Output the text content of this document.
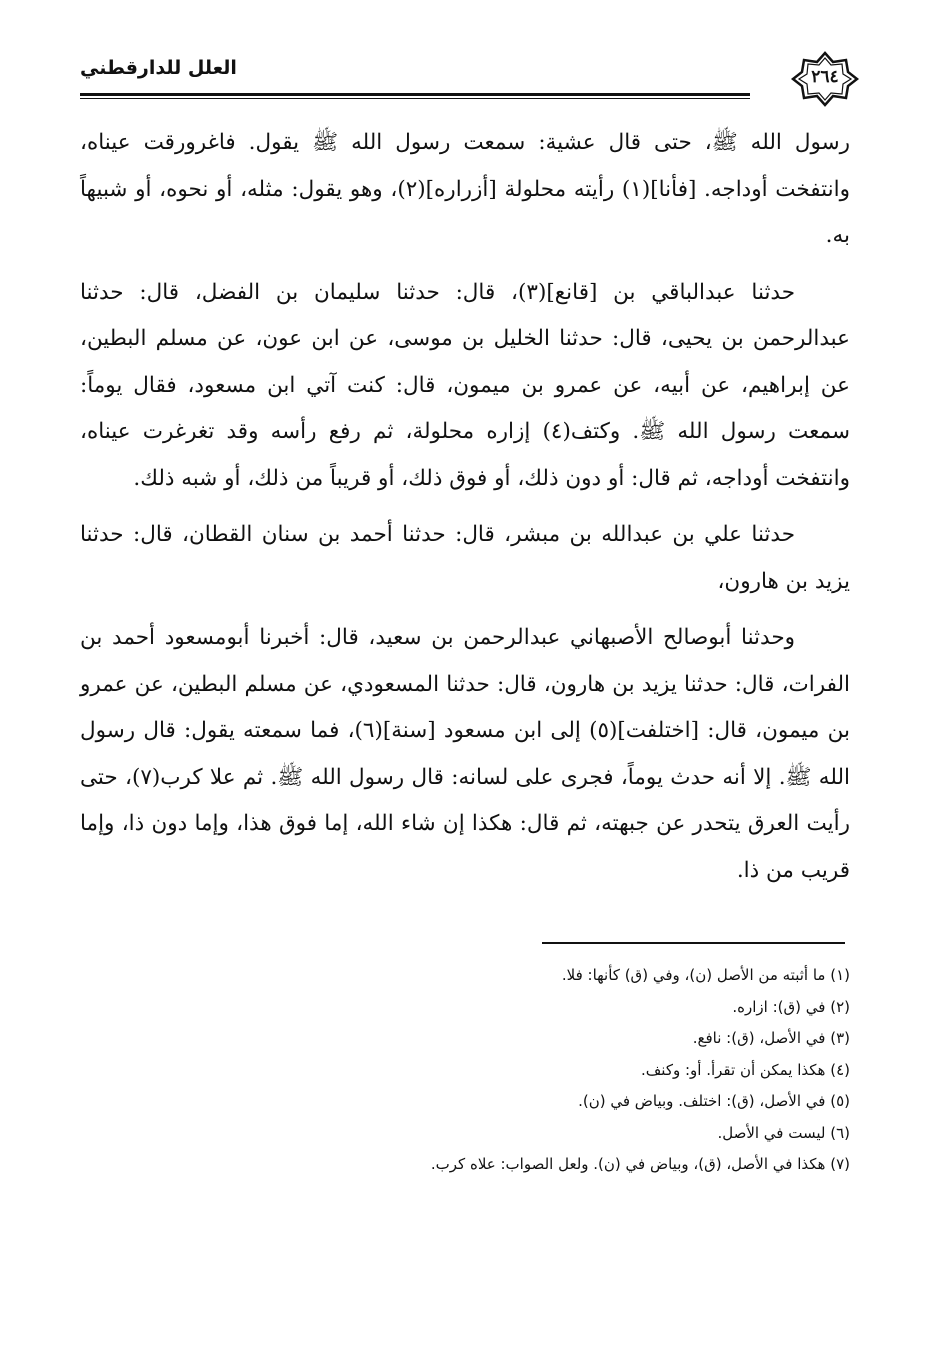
العلل للدارقطني	٢٦٤

رسول الله ﷺ، حتى قال عشية: سمعت رسول الله ﷺ يقول. فاغرورقت عيناه، وانتفخت أوداجه. [فأنا](١) رأيته محلولة [أزراره](٢)، وهو يقول: مثله، أو نحوه، أو شبيهاً به.

حدثنا عبدالباقي بن [قانع](٣)، قال: حدثنا سليمان بن الفضل، قال: حدثنا عبدالرحمن بن يحيى، قال: حدثنا الخليل بن موسى، عن ابن عون، عن مسلم البطين، عن إبراهيم، عن أبيه، عن عمرو بن ميمون، قال: كنت آتي ابن مسعود، فقال يوماً: سمعت رسول الله ﷺ. وكتف(٤) إزاره محلولة، ثم رفع رأسه وقد تغرغرت عيناه، وانتفخت أوداجه، ثم قال: أو دون ذلك، أو فوق ذلك، أو قريباً من ذلك، أو شبه ذلك.

حدثنا علي بن عبدالله بن مبشر، قال: حدثنا أحمد بن سنان القطان، قال: حدثنا يزيد بن هارون،

وحدثنا أبوصالح الأصبهاني عبدالرحمن بن سعيد، قال: أخبرنا أبومسعود أحمد بن الفرات، قال: حدثنا يزيد بن هارون، قال: حدثنا المسعودي، عن مسلم البطين، عن عمرو بن ميمون، قال: [اختلفت](٥) إلى ابن مسعود [سنة](٦)، فما سمعته يقول: قال رسول الله ﷺ. إلا أنه حدث يوماً، فجرى على لسانه: قال رسول الله ﷺ. ثم علا كرب(٧)، حتى رأيت العرق يتحدر عن جبهته، ثم قال: هكذا إن شاء الله، إما فوق هذا، وإما دون ذا، وإما قريب من ذا.

(١) ما أثبته من الأصل (ن)، وفي (ق) كأنها: فلا.
(٢) في (ق): ازاره.
(٣) في الأصل، (ق): نافع.
(٤) هكذا يمكن أن تقرأ. أو: وكنف.
(٥) في الأصل، (ق): اختلف. وبياض في (ن).
(٦) ليست في الأصل.
(٧) هكذا في الأصل، (ق)، وبياض في (ن). ولعل الصواب: علاه كرب.
